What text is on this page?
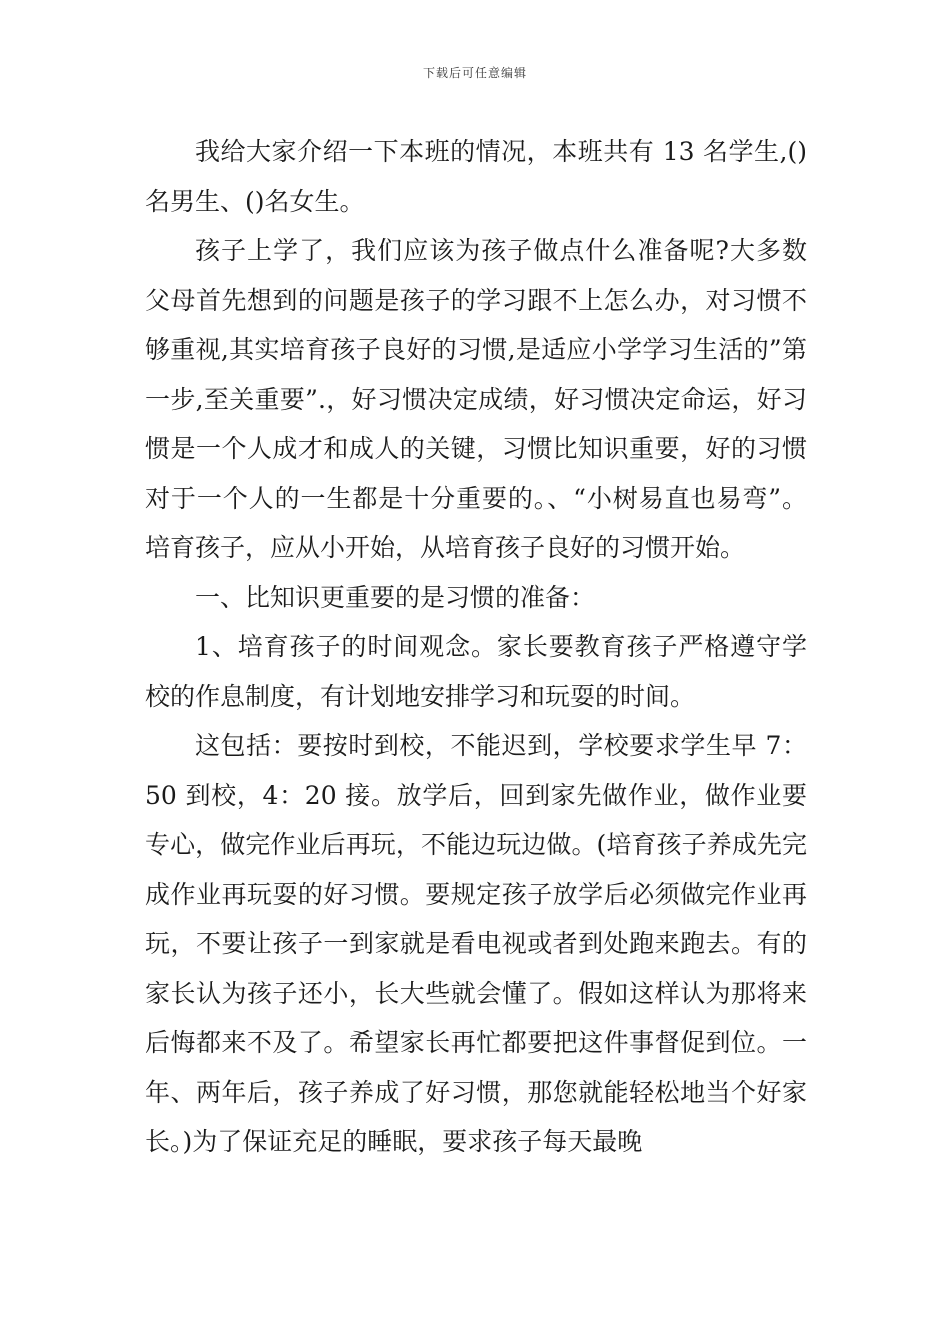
下载后可任意编辑

我给大家介绍一下本班的情况，本班共有 13 名学生,()名男生、()名女生。

孩子上学了，我们应该为孩子做点什么准备呢?大多数父母首先想到的问题是孩子的学习跟不上怎么办，对习惯不够重视,其实培育孩子良好的习惯,是适应小学学习生活的”第一步,至关重要”.，好习惯决定成绩，好习惯决定命运，好习惯是一个人成才和成人的关键，习惯比知识重要，好的习惯对于一个人的一生都是十分重要的。、“小树易直也易弯”。培育孩子，应从小开始，从培育孩子良好的习惯开始。

一、比知识更重要的是习惯的准备：

1、培育孩子的时间观念。家长要教育孩子严格遵守学校的作息制度，有计划地安排学习和玩耍的时间。

这包括：要按时到校，不能迟到，学校要求学生早 7：50 到校，4：20 接。放学后，回到家先做作业，做作业要专心，做完作业后再玩，不能边玩边做。(培育孩子养成先完成作业再玩耍的好习惯。要规定孩子放学后必须做完作业再玩，不要让孩子一到家就是看电视或者到处跑来跑去。有的家长认为孩子还小，长大些就会懂了。假如这样认为那将来后悔都来不及了。希望家长再忙都要把这件事督促到位。一年、两年后，孩子养成了好习惯，那您就能轻松地当个好家长。)为了保证充足的睡眠，要求孩子每天最晚
